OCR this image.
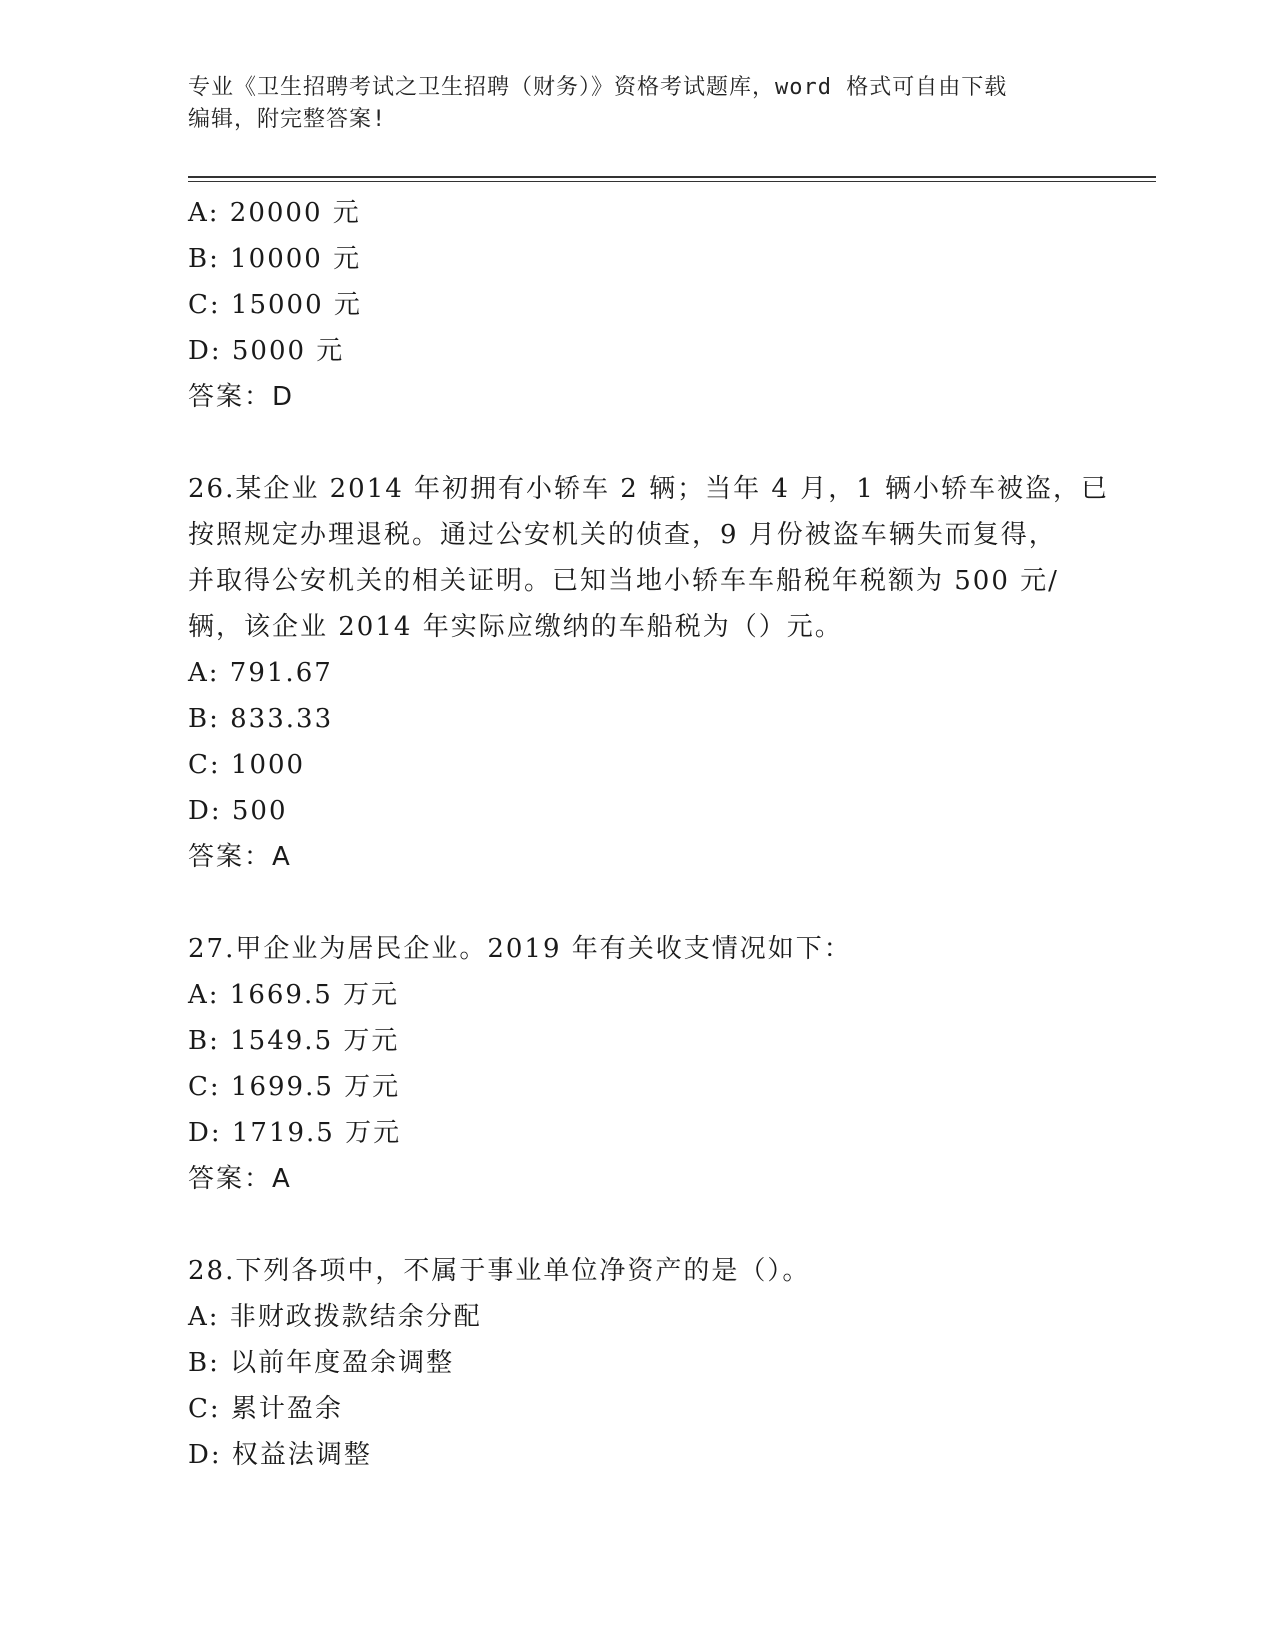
专业《卫生招聘考试之卫生招聘（财务）》资格考试题库，word 格式可自由下载
编辑，附完整答案!
A: 20000 元
B: 10000 元
C: 15000 元
D: 5000 元
答案：D
26.某企业 2014 年初拥有小轿车 2 辆；当年 4 月，1 辆小轿车被盗，已
按照规定办理退税。通过公安机关的侦查，9 月份被盗车辆失而复得，
并取得公安机关的相关证明。已知当地小轿车车船税年税额为 500 元/
辆，该企业 2014 年实际应缴纳的车船税为（）元。
A: 791.67
B: 833.33
C: 1000
D: 500
答案：A
27.甲企业为居民企业。2019 年有关收支情况如下：
A: 1669.5 万元
B: 1549.5 万元
C: 1699.5 万元
D: 1719.5 万元
答案：A
28.下列各项中，不属于事业单位净资产的是（）。
A: 非财政拨款结余分配
B: 以前年度盈余调整
C: 累计盈余
D: 权益法调整
